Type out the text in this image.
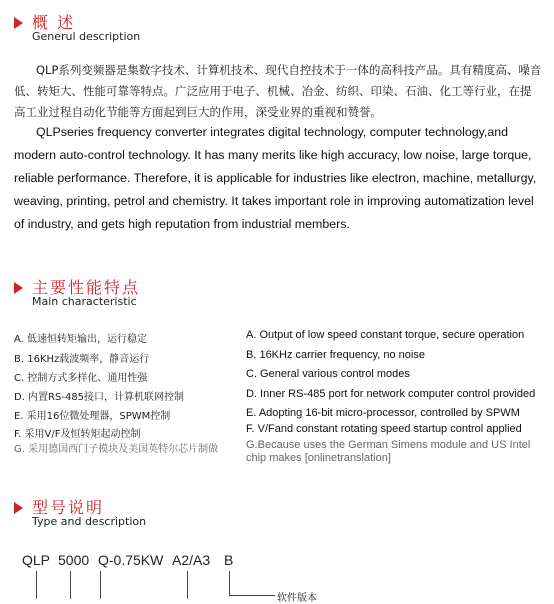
概 述
Generul description
QLP系列变频器是集数字技术、计算机技术、现代自控技术于一体的高科技产品。具有精度高、噪音低、转矩大、性能可靠等特点。广泛应用于电子、机械、冶金、纺织、印染、石油、化工等行业，在提高工业过程自动化节能等方面起到巨大的作用，深受业界的重视和赞誉。
QLPseries frequency converter integrates digital technology, computer technology,and modern auto-control technology. It has many merits like high accuracy, low noise, large torque, reliable performance. Therefore, it is applicable for industries like electron, machine, metallurgy, weaving, printing, petrol and chemistry. It takes important role in improving automatization level of industry, and gets high reputation from industrial members.
主要性能特点
Main characteristic
A. 低速恒转矩输出，运行稳定	A. Output of low speed constant torque, secure operation
B. 16KHz载波频率，静音运行	B. 16KHz carrier frequency, no noise
C. 控制方式多样化、通用性强	C. General various control modes
D. 内置RS-485接口，计算机联网控制	D. Inner RS-485 port for network computer control provided
E. 采用16位微处理器，SPWM控制	E. Adopting 16-bit micro-processor, controlled by SPWM
F. 采用V/F及恒转矩起动控制	F. V/Fand constant rotating speed startup control applied
G. 采用德国西门子模块及美国英特尔芯片制做	G.Because uses the German Simens module and US Intel
chip makes [onlinetranslation]
型号说明
Type and description
QLP 5000 Q-0.75KW A2/A3 B
软件版本
